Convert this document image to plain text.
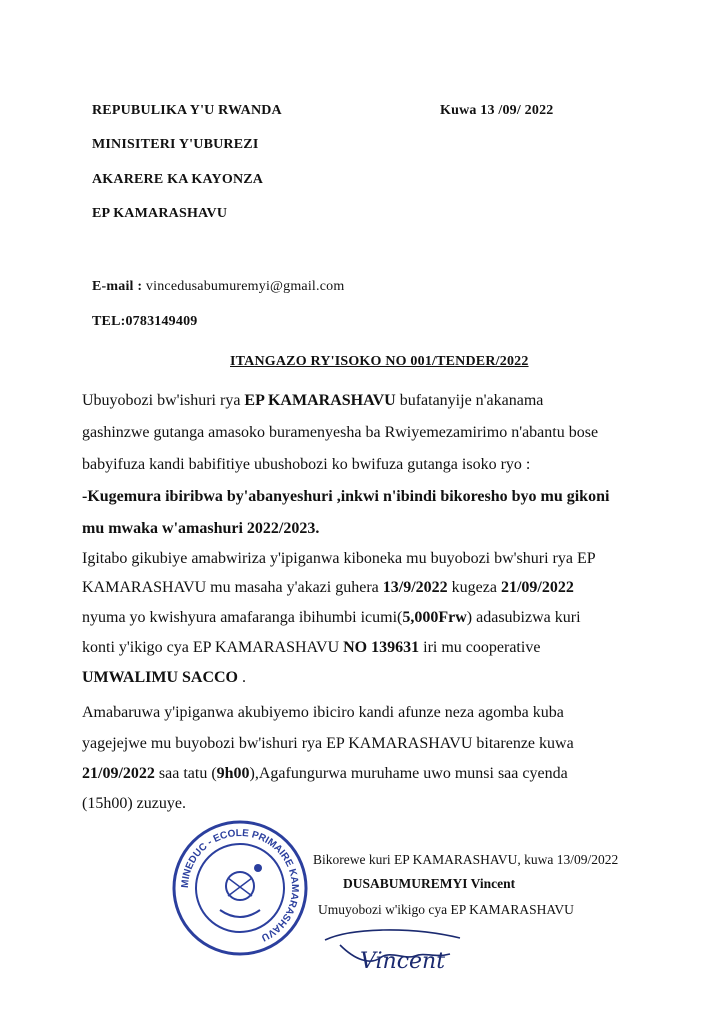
REPUBULIKA Y'U RWANDA	Kuwa 13 /09/ 2022
MINISITERI Y'UBUREZI
AKARERE KA KAYONZA
EP KAMARASHAVU
E-mail : vincedusabumuremyi@gmail.com
TEL:0783149409
ITANGAZO RY'ISOKO NO 001/TENDER/2022
Ubuyobozi bw'ishuri rya EP KAMARASHAVU bufatanyije n'akanama
gashinzwe gutanga amasoko buramenyesha ba Rwiyemezamirimo n'abantu bose
babyifuza kandi babifitiye ubushobozi ko bwifuza gutanga isoko ryo :
-Kugemura ibiribwa by'abanyeshuri ,inkwi n'ibindi bikoresho byo mu gikoni
mu mwaka w'amashuri 2022/2023.
Igitabo gikubiye amabwiriza y'ipiganwa kiboneka mu buyobozi bw'shuri rya EP
KAMARASHAVU mu masaha y'akazi guhera 13/9/2022 kugeza 21/09/2022
nyuma yo kwishyura amafaranga ibihumbi icumi(5,000Frw) adasubizwa kuri
konti y'ikigo cya EP KAMARASHAVU NO 139631 iri mu cooperative
UMWALIMU SACCO .
Amabaruwa y'ipiganwa akubiyemo ibiciro kandi afunze neza agomba kuba
yagejejwe mu buyobozi bw'ishuri rya EP KAMARASHAVU bitarenze kuwa
21/09/2022 saa tatu (9h00),Agafungurwa muruhame uwo munsi saa cyenda
(15h00) zuzuye.
MINEDUC - ECOLE PRIMAIRE KAMARASHAVU
Bikorewe kuri EP KAMARASHAVU, kuwa 13/09/2022
DUSABUMUREMYI Vincent
Umuyobozi w'ikigo cya EP KAMARASHAVU
Vincent
